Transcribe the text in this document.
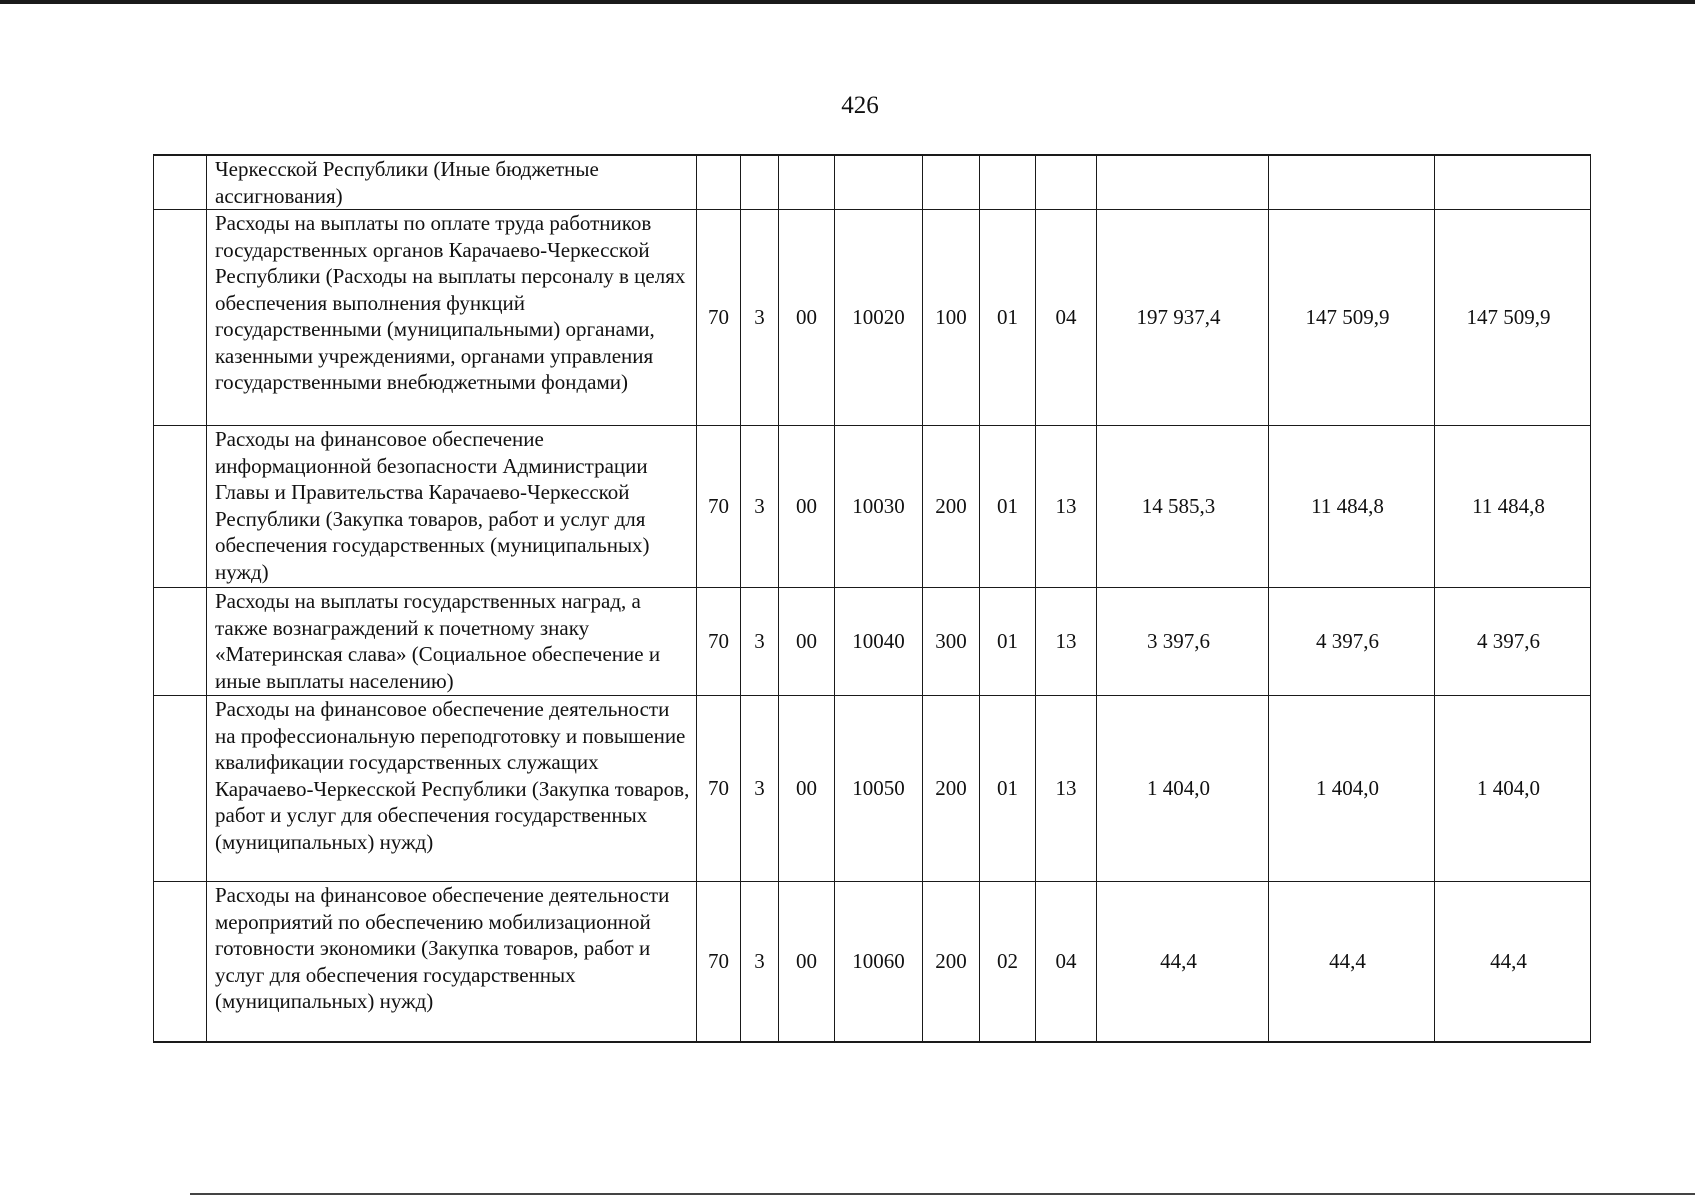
426
	Черкесской Республики (Иные бюджетные ассигнования)										
	Расходы на выплаты по оплате труда работников государственных органов Карачаево-Черкесской Республики (Расходы на выплаты персоналу в целях обеспечения выполнения функций государственными (муниципальными) органами, казенными учреждениями, органами управления государственными внебюджетными фондами)	70	3	00	10020	100	01	04	197 937,4	147 509,9	147 509,9
	Расходы на финансовое обеспечение информационной безопасности Администрации Главы и Правительства Карачаево-Черкесской Республики (Закупка товаров, работ и услуг для обеспечения государственных (муниципальных) нужд)	70	3	00	10030	200	01	13	14 585,3	11 484,8	11 484,8
	Расходы на выплаты государственных наград, а также вознаграждений к почетному знаку «Материнская слава» (Социальное обеспечение и иные выплаты населению)	70	3	00	10040	300	01	13	3 397,6	4 397,6	4 397,6
	Расходы на финансовое обеспечение деятельности на профессиональную переподготовку и повышение квалификации государственных служащих Карачаево-Черкесской Республики (Закупка товаров, работ и услуг для обеспечения государственных (муниципальных) нужд)	70	3	00	10050	200	01	13	1 404,0	1 404,0	1 404,0
	Расходы на финансовое обеспечение деятельности мероприятий по обеспечению мобилизационной готовности экономики (Закупка товаров, работ и услуг для обеспечения государственных (муниципальных) нужд)	70	3	00	10060	200	02	04	44,4	44,4	44,4
